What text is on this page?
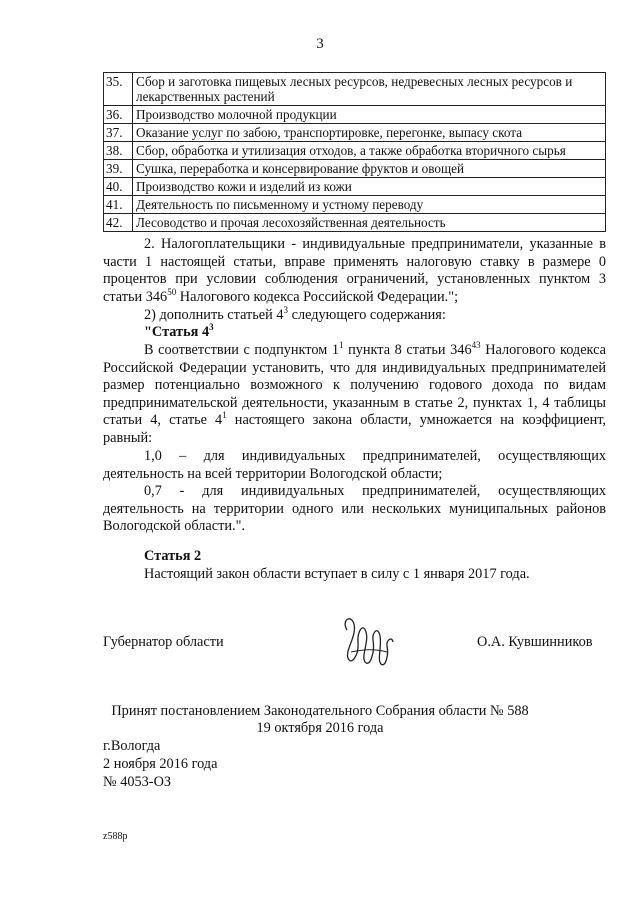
3
35.	Сбор и заготовка пищевых лесных ресурсов, недревесных лесных ресурсов и лекарственных растений
36.	Производство молочной продукции
37.	Оказание услуг по забою, транспортировке, перегонке, выпасу скота
38.	Сбор, обработка и утилизация отходов, а также обработка вторичного сырья
39.	Сушка, переработка и консервирование фруктов и овощей
40.	Производство кожи и изделий из кожи
41.	Деятельность по письменному и устному переводу
42.	Лесоводство и прочая лесохозяйственная деятельность
2. Налогоплательщики - индивидуальные предприниматели, указанные в части 1 настоящей статьи, вправе применять налоговую ставку в размере 0 процентов при условии соблюдения ограничений, установленных пунктом 3 статьи $346^{50}$ Налогового кодекса Российской Федерации.";
2) дополнить статьей $4^3$ следующего содержания:
"Статья $4^3$
В соответствии с подпунктом $1^1$ пункта 8 статьи $346^{43}$ Налогового кодекса Российской Федерации установить, что для индивидуальных предпринимателей размер потенциально возможного к получению годового дохода по видам предпринимательской деятельности, указанным в статье 2, пунктах 1, 4 таблицы статьи 4, статье $4^1$ настоящего закона области, умножается на коэффициент, равный:
1,0 – для индивидуальных предпринимателей, осуществляющих деятельность на всей территории Вологодской области;
0,7 - для индивидуальных предпринимателей, осуществляющих деятельность на территории одного или нескольких муниципальных районов Вологодской области.".
Статья 2
Настоящий закон области вступает в силу с 1 января 2017 года.
Губернатор области	О.А. Кувшинников
Принят постановлением Законодательного Собрания области № 588
19 октября 2016 года
г.Вологда
2 ноября 2016 года
№ 4053-ОЗ
z588р
